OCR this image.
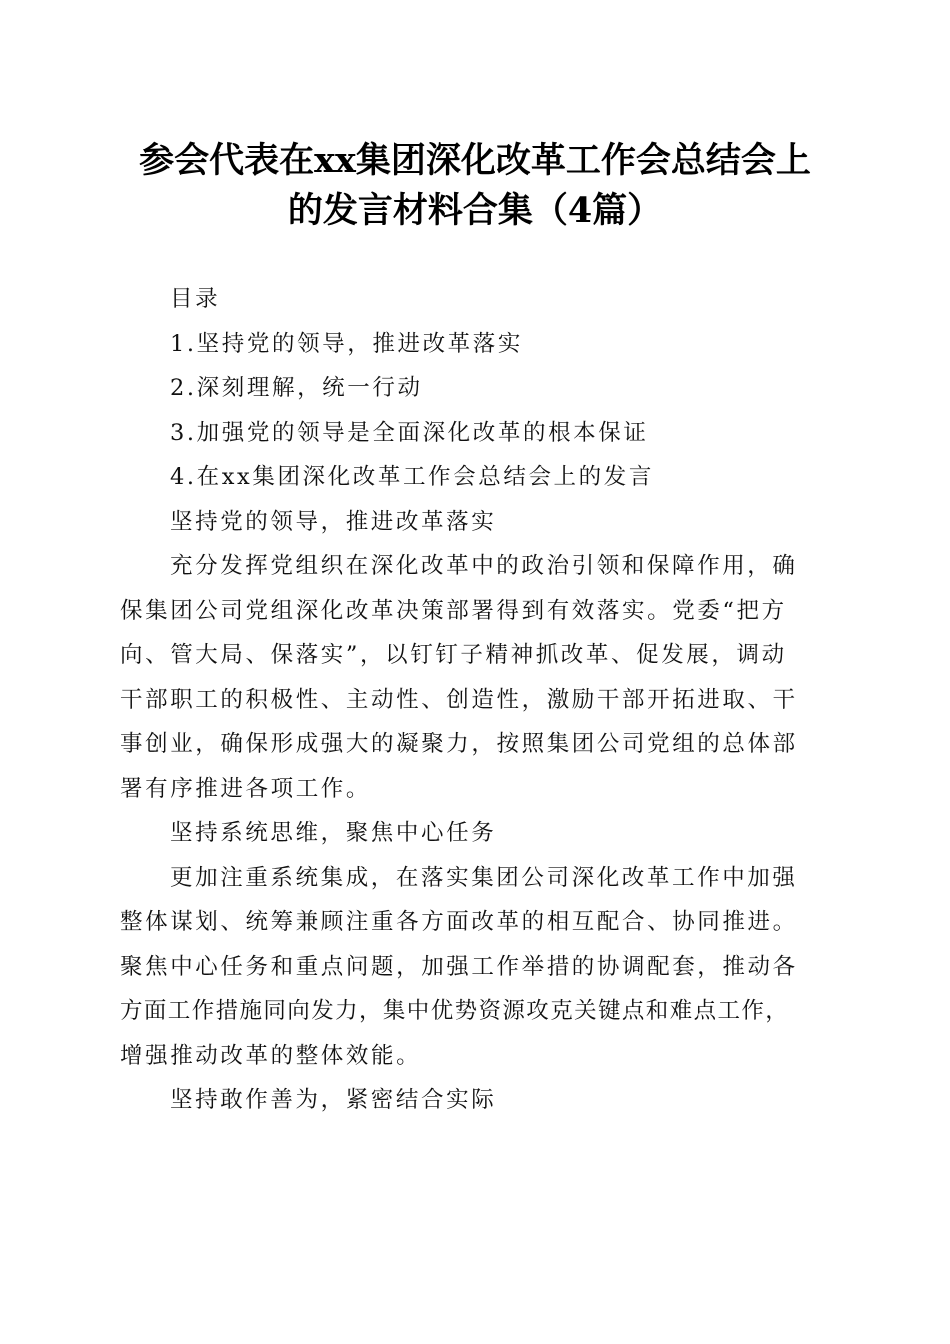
参会代表在xx集团深化改革工作会总结会上
的发言材料合集（4篇）
目录
1.坚持党的领导，推进改革落实
2.深刻理解，统一行动
3.加强党的领导是全面深化改革的根本保证
4.在xx集团深化改革工作会总结会上的发言
坚持党的领导，推进改革落实
充分发挥党组织在深化改革中的政治引领和保障作用，确
保集团公司党组深化改革决策部署得到有效落实。党委“把方
向、管大局、保落实”，以钉钉子精神抓改革、促发展，调动
干部职工的积极性、主动性、创造性，激励干部开拓进取、干
事创业，确保形成强大的凝聚力，按照集团公司党组的总体部
署有序推进各项工作。
坚持系统思维，聚焦中心任务
更加注重系统集成，在落实集团公司深化改革工作中加强
整体谋划、统筹兼顾注重各方面改革的相互配合、协同推进。
聚焦中心任务和重点问题，加强工作举措的协调配套，推动各
方面工作措施同向发力，集中优势资源攻克关键点和难点工作，
增强推动改革的整体效能。
坚持敢作善为，紧密结合实际
